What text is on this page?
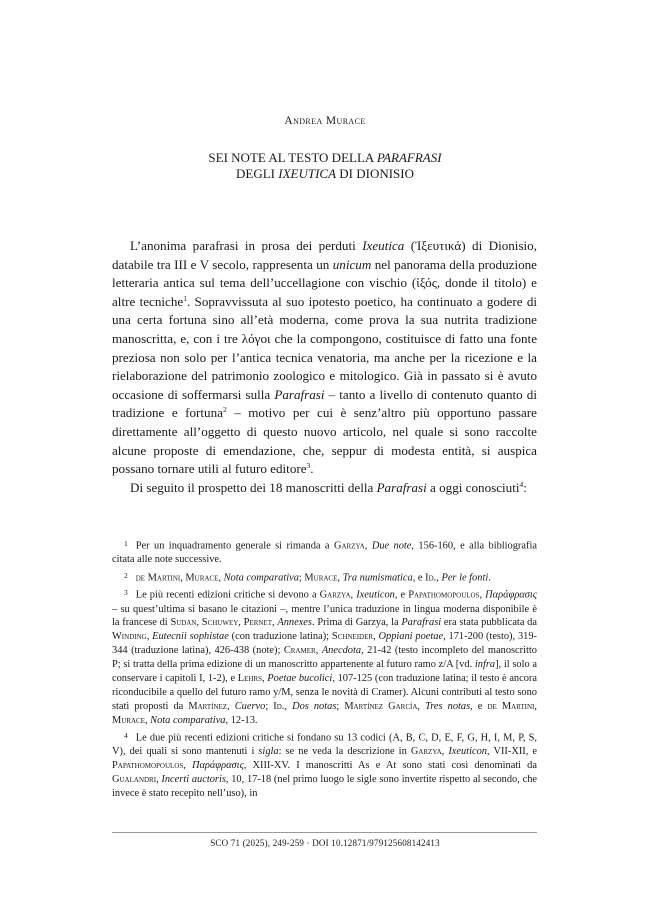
Andrea Murace
SEI NOTE AL TESTO DELLA PARAFRASI
DEGLI IXEUTICA DI DIONISIO

L’anonima parafrasi in prosa dei perduti Ixeutica (Ἰξευτικά) di Dionisio, databile tra III e V secolo, rappresenta un unicum nel panorama della produzione letteraria antica sul tema dell’uccellagione con vischio (ἰξός, donde il titolo) e altre tecniche$^1$. Sopravvissuta al suo ipotesto poetico, ha continuato a godere di una certa fortuna sino all’età moderna, come prova la sua nutrita tradizione manoscritta, e, con i tre λόγοι che la compongono, costituisce di fatto una fonte preziosa non solo per l’antica tecnica venatoria, ma anche per la ricezione e la rielaborazione del patrimonio zoologico e mitologico. Già in passato si è avuto occasione di soffermarsi sulla Parafrasi – tanto a livello di contenuto quanto di tradizione e fortuna$^2$ – motivo per cui è senz’altro più opportuno passare direttamente all’oggetto di questo nuovo articolo, nel quale si sono raccolte alcune proposte di emendazione, che, seppur di modesta entità, si auspica possano tornare utili al futuro editore$^3$.

Di seguito il prospetto dei 18 manoscritti della Parafrasi a oggi conosciuti$^4$:

$^1$ Per un inquadramento generale si rimanda a Garzya, Due note, 156-160, e alla bibliografia citata alle note successive.

$^2$ de Martini, Murace, Nota comparativa; Murace, Tra numismatica, e Id., Per le fonti.

$^3$ Le più recenti edizioni critiche si devono a Garzya, Ixeuticon, e Papathomopoulos, Παράφρασις – su quest’ultima si basano le citazioni –, mentre l’unica traduzione in lingua moderna disponibile è la francese di Sudan, Schuwey, Pernet, Annexes. Prima di Garzya, la Parafrasi era stata pubblicata da Winding, Eutecnii sophistae (con traduzione latina); Schneider, Oppiani poetae, 171-200 (testo), 319-344 (traduzione latina), 426-438 (note); Cramer, Anecdota, 21-42 (testo incompleto del manoscritto P; si tratta della prima edizione di un manoscritto appartenente al futuro ramo z/A [vd. infra], il solo a conservare i capitoli I, 1-2), e Lehrs, Poetae bucolici, 107-125 (con traduzione latina; il testo è ancora riconducibile a quello del futuro ramo y/M, senza le novità di Cramer). Alcuni contributi al testo sono stati proposti da Martínez, Cuervo; Id., Dos notas; Martínez García, Tres notas, e de Martini, Murace, Nota comparativa, 12-13.

$^4$ Le due più recenti edizioni critiche si fondano su 13 codici (A, B, C, D, E, F, G, H, I, M, P, S, V), dei quali si sono mantenuti i sigla: se ne veda la descrizione in Garzya, Ixeuticon, VII-XII, e Papathomopoulos, Παράφρασις, XIII-XV. I manoscritti As e At sono stati così denominati da Gualandri, Incerti auctoris, 10, 17-18 (nel primo luogo le sigle sono invertite rispetto al secondo, che invece è stato recepito nell’uso), in

SCO 71 (2025), 249-259 · DOI 10.12871/979125608142413
